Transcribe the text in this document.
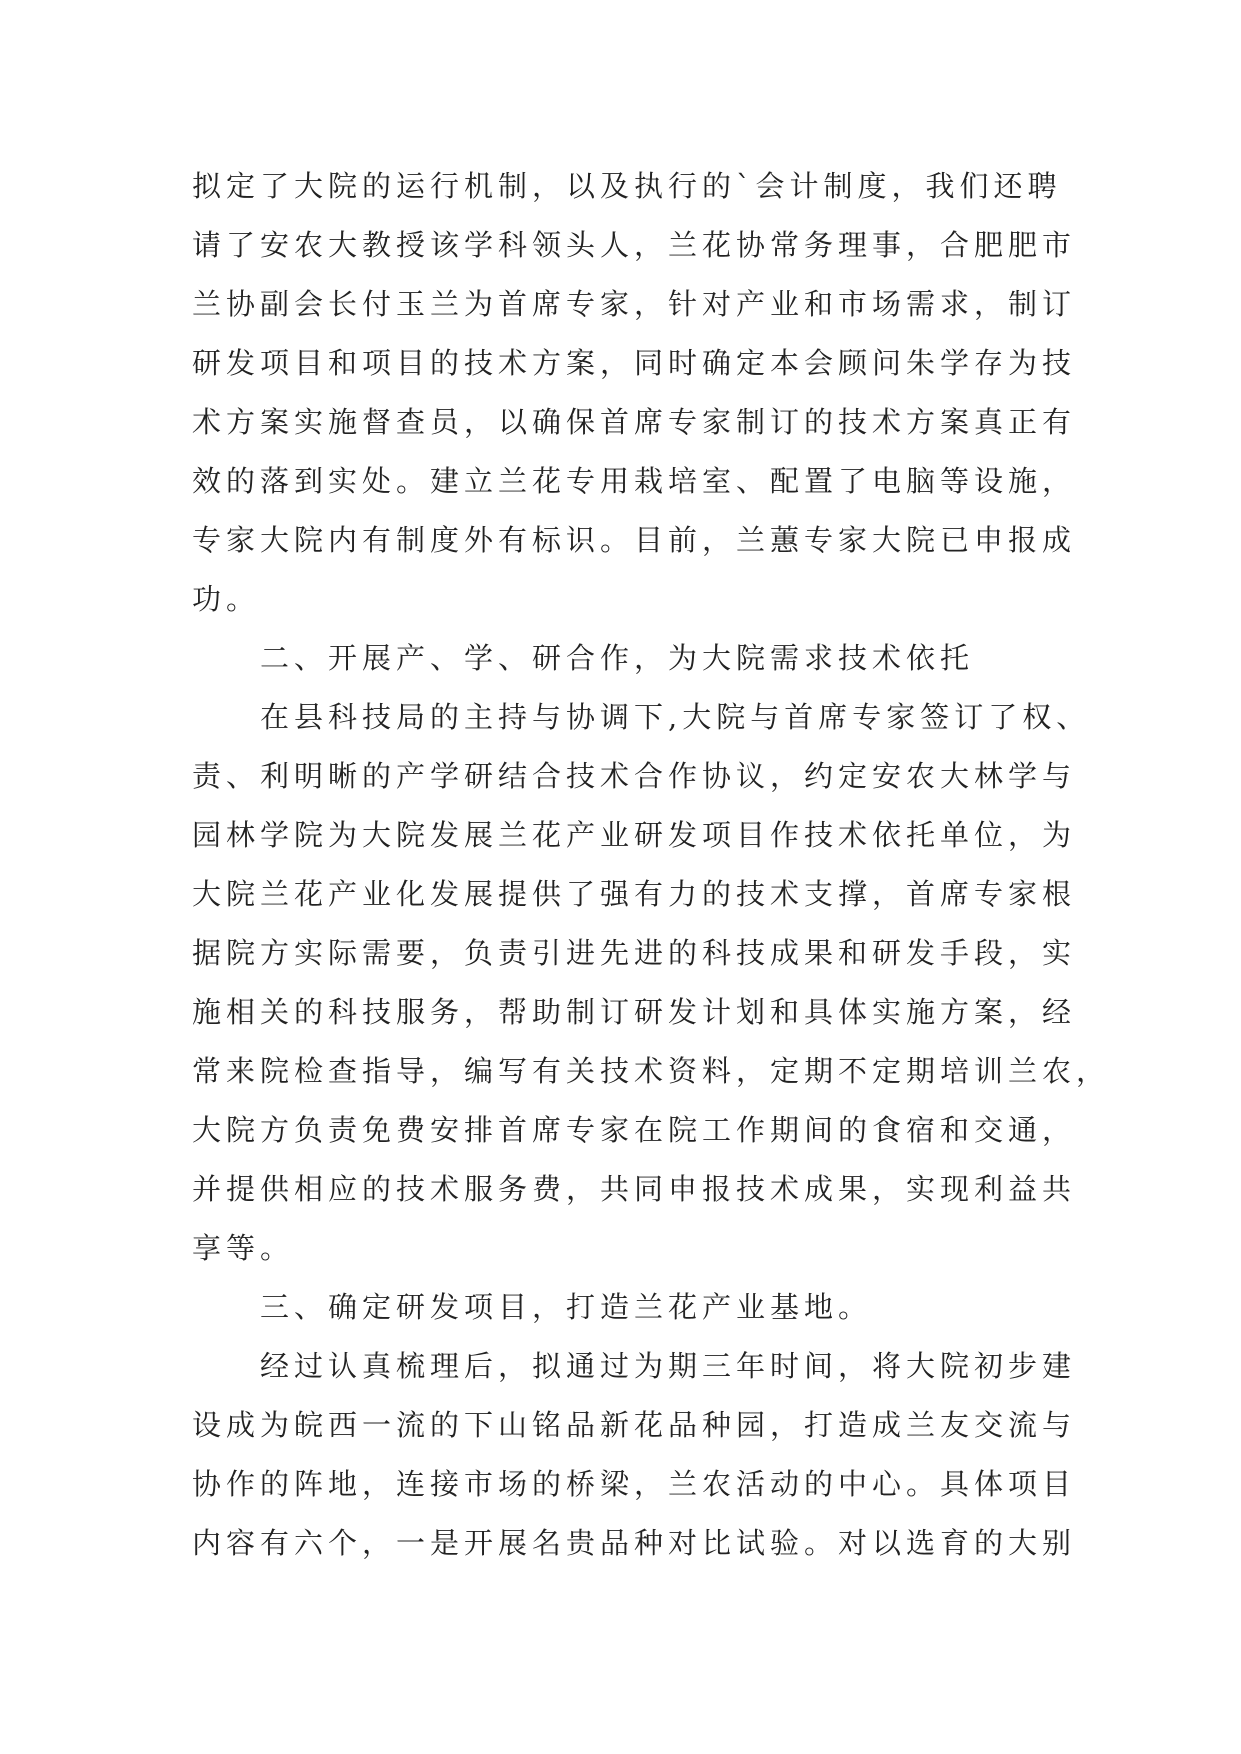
拟定了大院的运行机制，以及执行的`会计制度，我们还聘
请了安农大教授该学科领头人，兰花协常务理事，合肥肥市
兰协副会长付玉兰为首席专家，针对产业和市场需求，制订
研发项目和项目的技术方案，同时确定本会顾问朱学存为技
术方案实施督查员，以确保首席专家制订的技术方案真正有
效的落到实处。建立兰花专用栽培室、配置了电脑等设施，
专家大院内有制度外有标识。目前，兰蕙专家大院已申报成
功。
二、开展产、学、研合作，为大院需求技术依托
在县科技局的主持与协调下,大院与首席专家签订了权、
责、利明晰的产学研结合技术合作协议，约定安农大林学与
园林学院为大院发展兰花产业研发项目作技术依托单位，为
大院兰花产业化发展提供了强有力的技术支撑，首席专家根
据院方实际需要，负责引进先进的科技成果和研发手段，实
施相关的科技服务，帮助制订研发计划和具体实施方案，经
常来院检查指导，编写有关技术资料，定期不定期培训兰农，
大院方负责免费安排首席专家在院工作期间的食宿和交通，
并提供相应的技术服务费，共同申报技术成果，实现利益共
享等。
三、确定研发项目，打造兰花产业基地。
经过认真梳理后，拟通过为期三年时间，将大院初步建
设成为皖西一流的下山铭品新花品种园，打造成兰友交流与
协作的阵地，连接市场的桥梁，兰农活动的中心。具体项目
内容有六个，一是开展名贵品种对比试验。对以选育的大别
